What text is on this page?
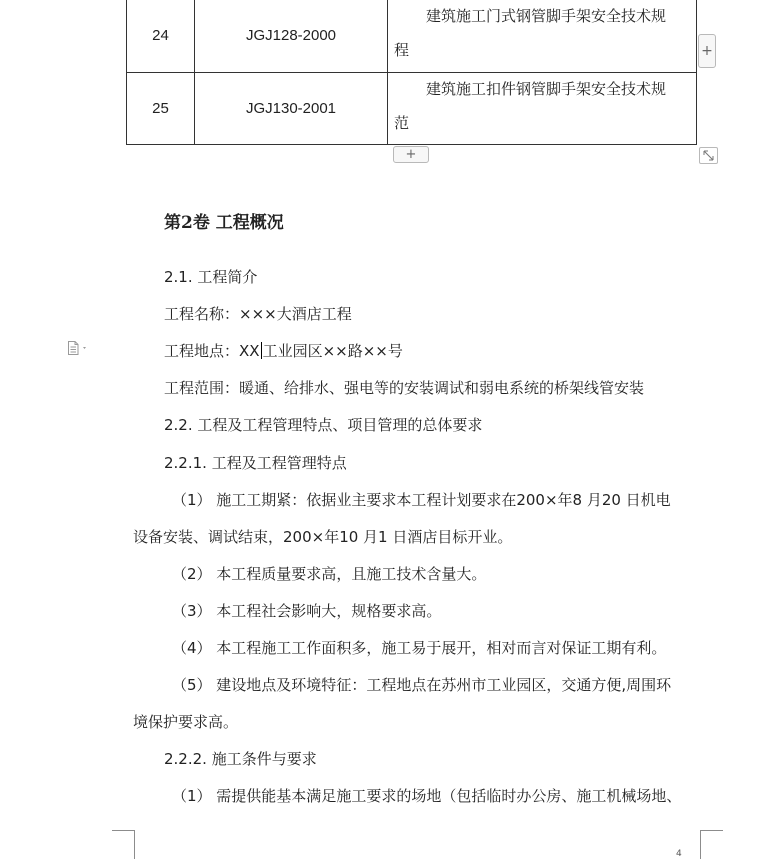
24	JGJ128-2000
建筑施工门式钢管脚手架安全技术规
程
25	JGJ130-2001
建筑施工扣件钢管脚手架安全技术规
范
+
+
第2卷 工程概况
2.1. 工程简介
工程名称：×××大酒店工程
工程地点：XX 工业园区××路××号
工程范围：暖通、给排水、强电等的安装调试和弱电系统的桥架线管安装
2.2. 工程及工程管理特点、项目管理的总体要求
2.2.1. 工程及工程管理特点
（1） 施工工期紧：依据业主要求本工程计划要求在200×年8 月20 日机电
设备安装、调试结束，200×年10 月1 日酒店目标开业。
（2） 本工程质量要求高，且施工技术含量大。
（3） 本工程社会影响大，规格要求高。
（4） 本工程施工工作面积多，施工易于展开，相对而言对保证工期有利。
（5） 建设地点及环境特征：工程地点在苏州市工业园区，交通方便,周围环
境保护要求高。
2.2.2. 施工条件与要求
（1） 需提供能基本满足施工要求的场地（包括临时办公房、施工机械场地、
4
